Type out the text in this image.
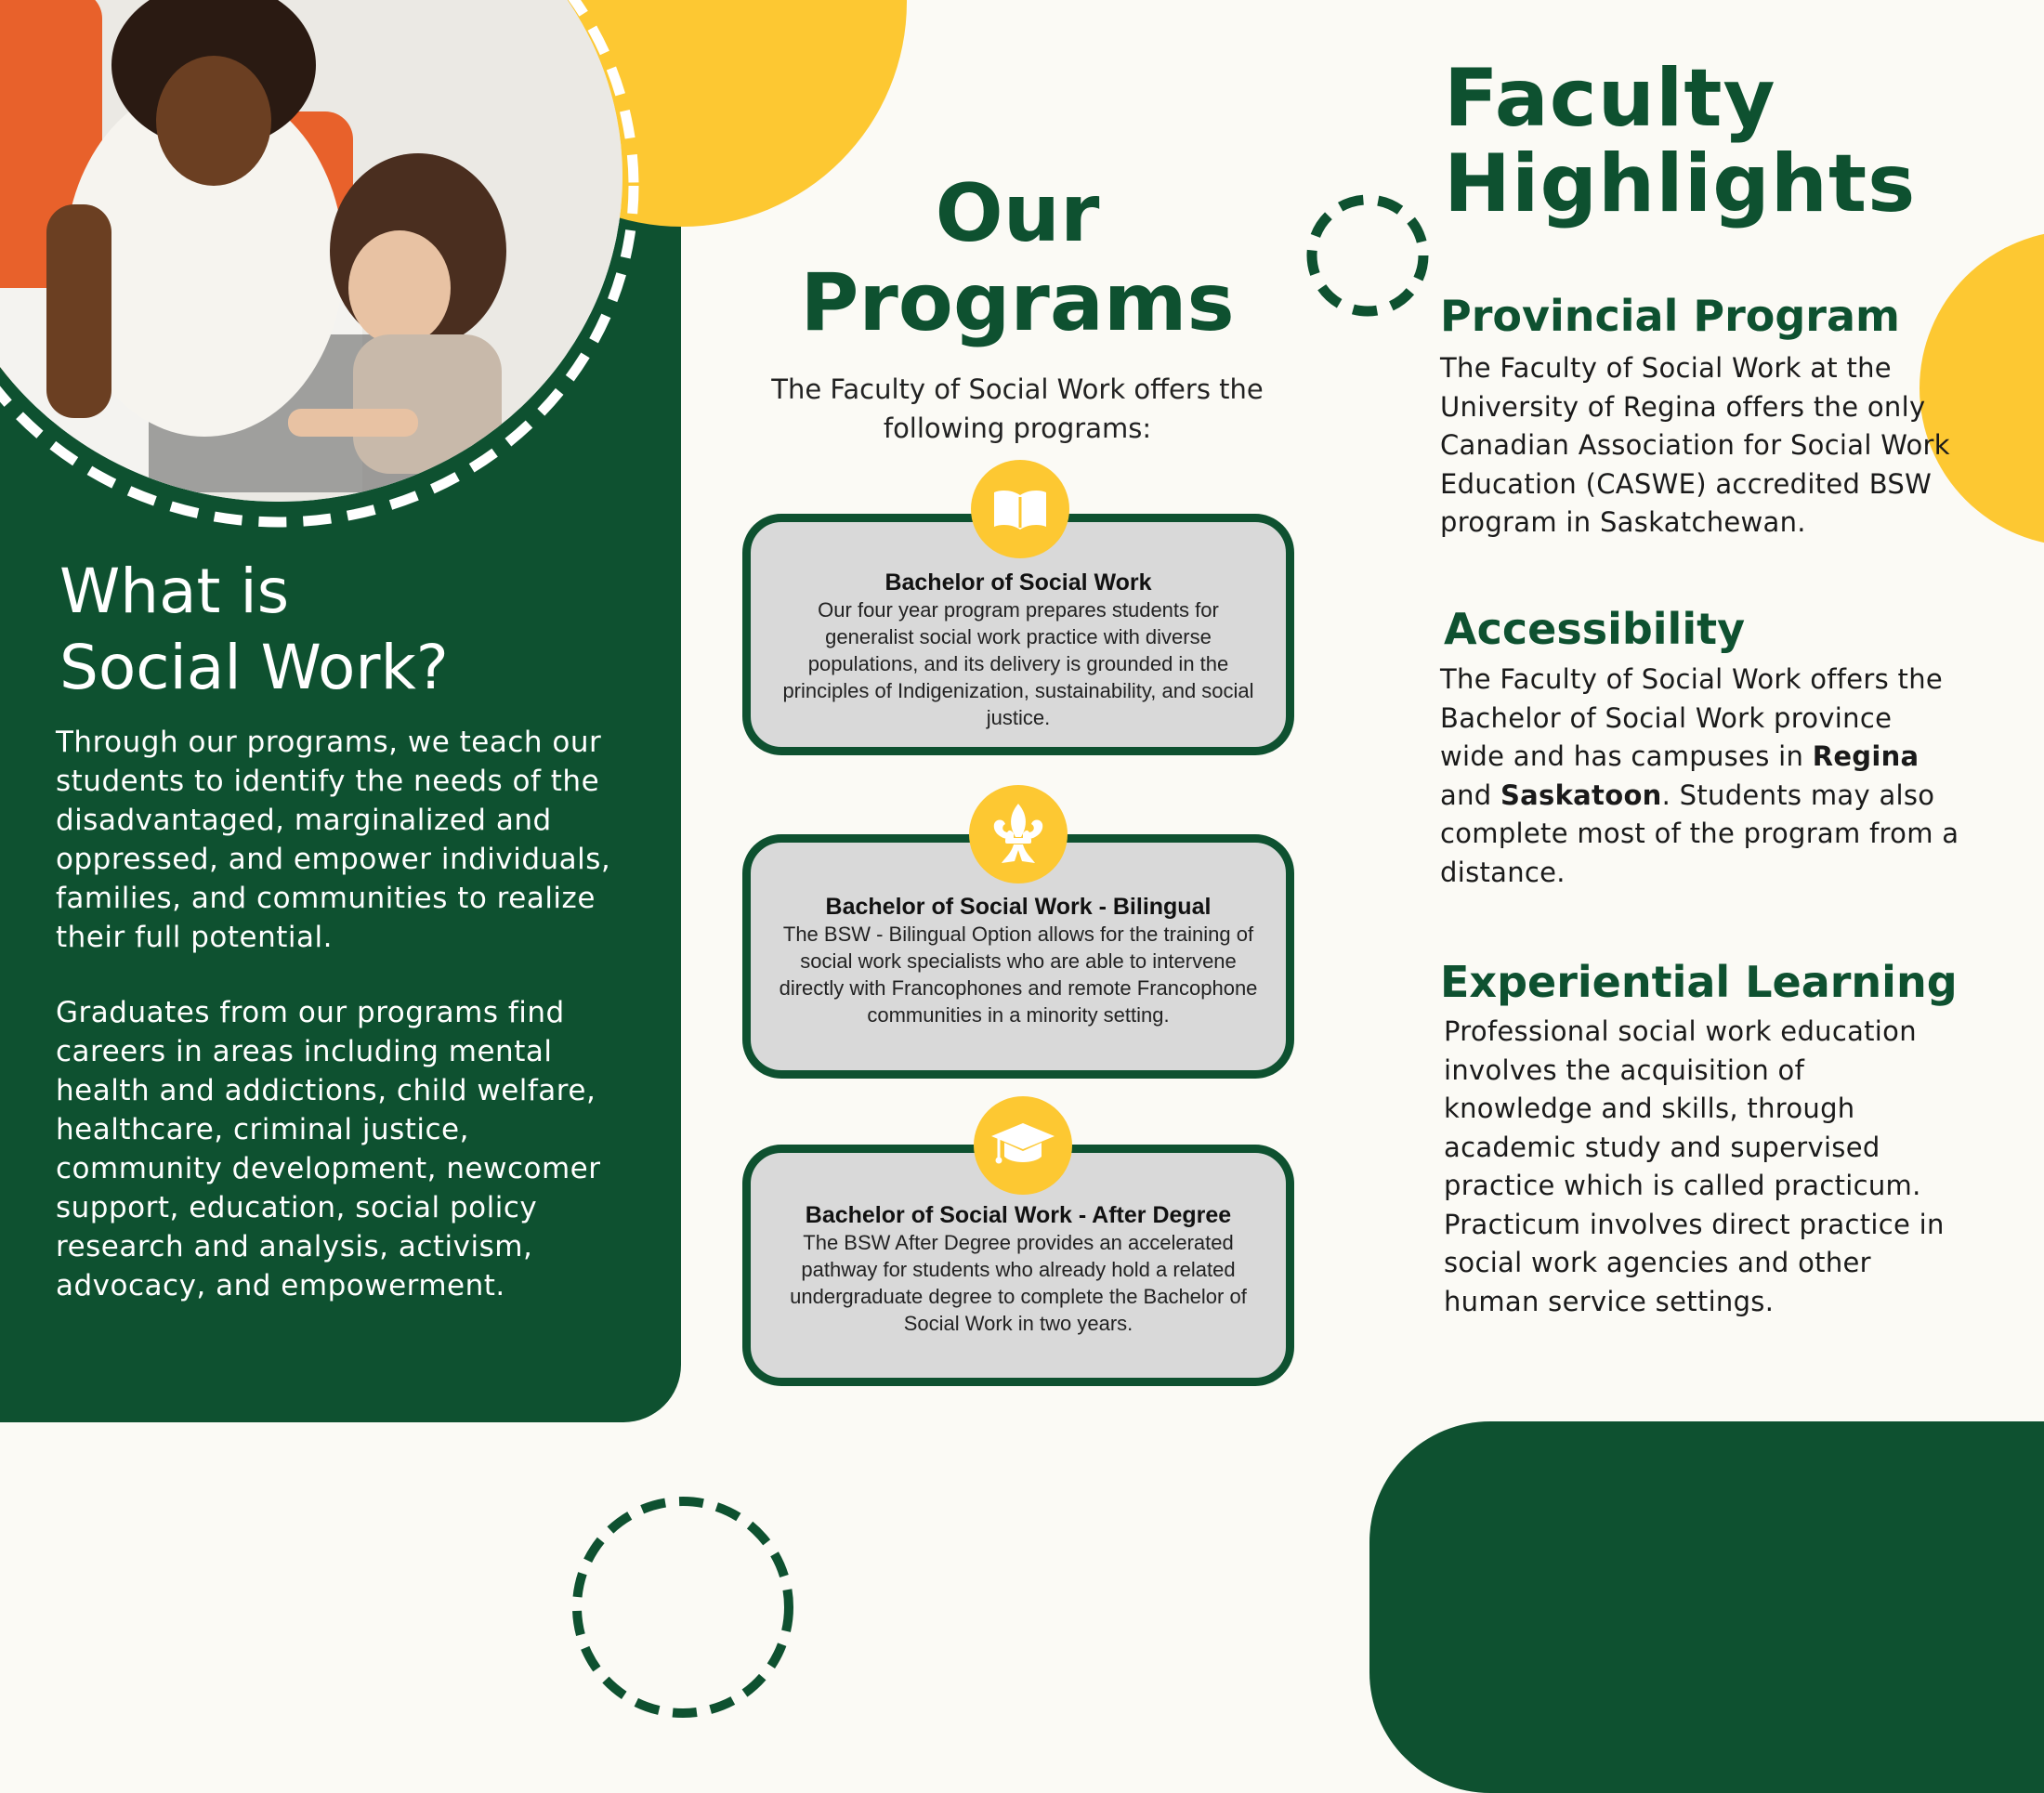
What is
Social Work?
Through our programs, we teach our students to identify the needs of the disadvantaged, marginalized and oppressed, and empower individuals, families, and communities to realize their full potential.
Graduates from our programs find careers in areas including mental health and addictions, child welfare, healthcare, criminal justice, community development, newcomer support, education, social policy research and analysis, activism, advocacy, and empowerment.
Our
Programs
The Faculty of Social Work offers the following programs:
Bachelor of Social Work
Our four year program prepares students for generalist social work practice with diverse populations, and its delivery is grounded in the principles of Indigenization, sustainability, and social justice.
Bachelor of Social Work - Bilingual
The BSW - Bilingual Option allows for the training of social work specialists who are able to intervene directly with Francophones and remote Francophone communities in a minority setting.
Bachelor of Social Work - After Degree
The BSW After Degree provides an accelerated pathway for students who already hold a related undergraduate degree to complete the Bachelor of Social Work in two years.
Faculty
Highlights
Provincial Program
The Faculty of Social Work at the University of Regina offers the only Canadian Association for Social Work Education (CASWE) accredited BSW program in Saskatchewan.
Accessibility
The Faculty of Social Work offers the Bachelor of Social Work province wide and has campuses in Regina and Saskatoon. Students may also complete most of the program from a distance.
Experiential Learning
Professional social work education involves the acquisition of knowledge and skills, through academic study and supervised practice which is called practicum. Practicum involves direct practice in social work agencies and other human service settings.
